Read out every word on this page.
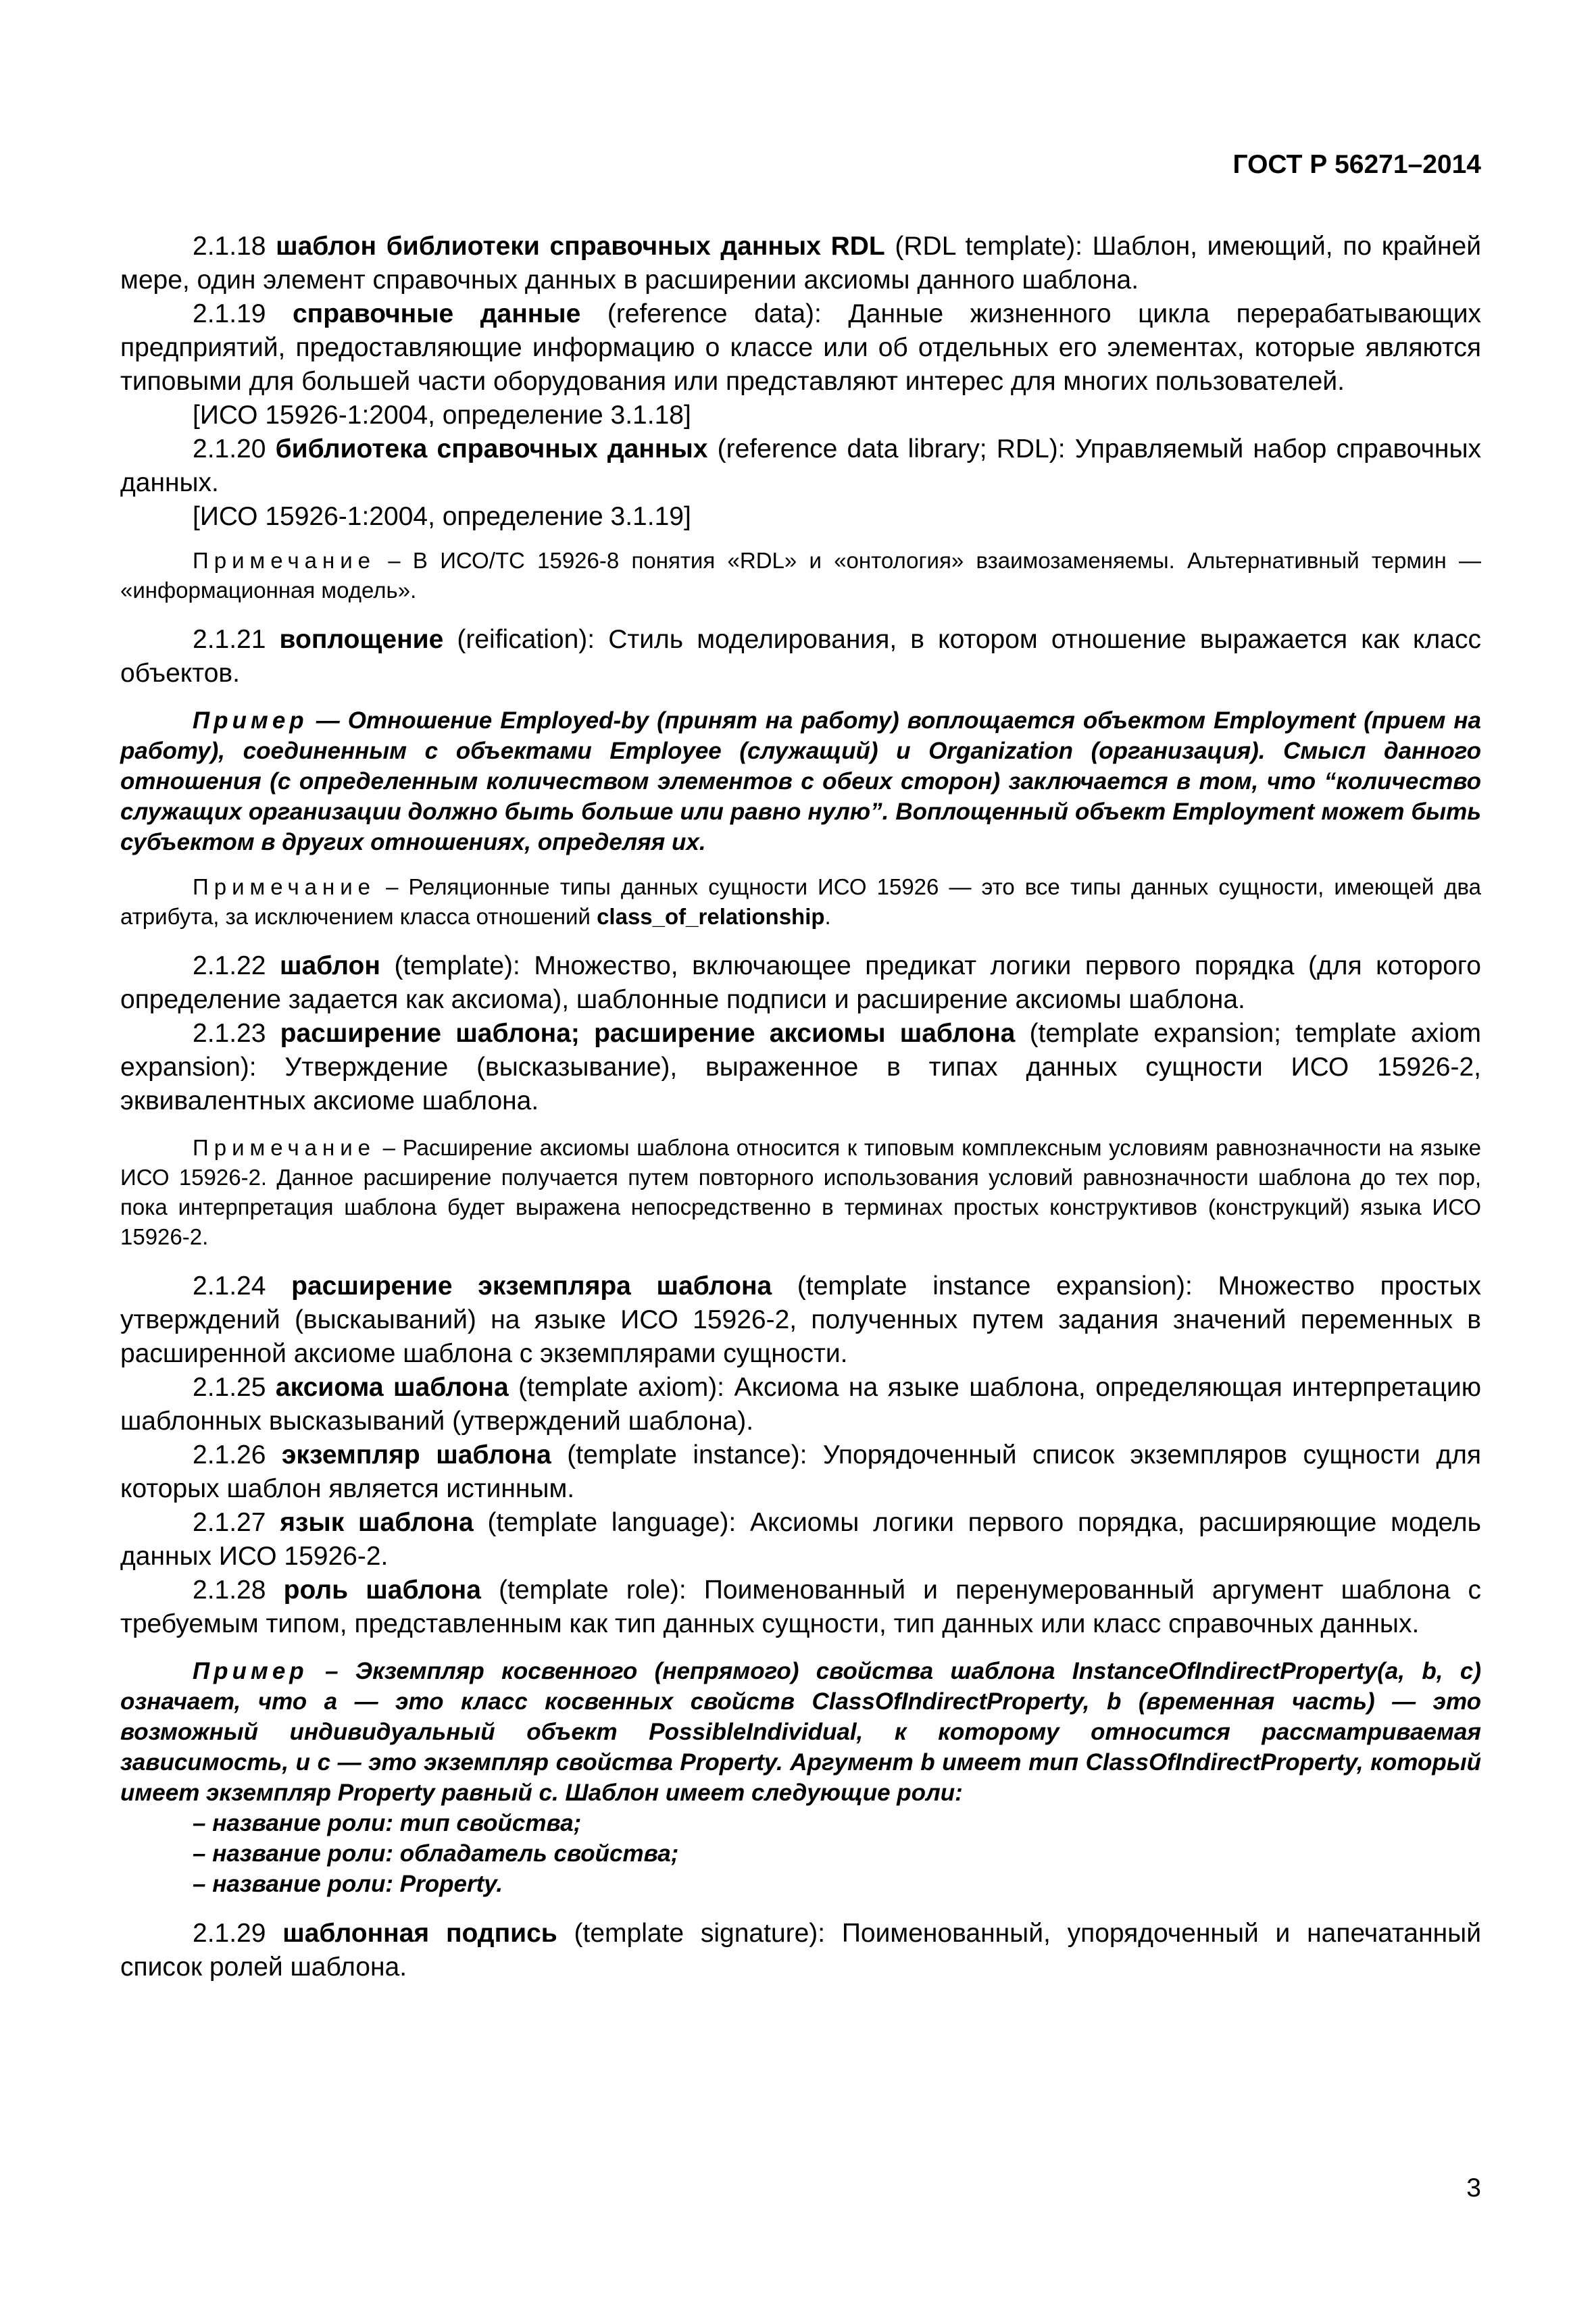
ГОСТ Р 56271–2014

2.1.18 шаблон библиотеки справочных данных RDL (RDL template): Шаблон, имеющий, по крайней мере, один элемент справочных данных в расширении аксиомы данного шаблона.

2.1.19 справочные данные (reference data): Данные жизненного цикла перерабатывающих предприятий, предоставляющие информацию о классе или об отдельных его элементах, которые являются типовыми для большей части оборудования или представляют интерес для многих пользователей.

[ИСО 15926-1:2004, определение 3.1.18]

2.1.20 библиотека справочных данных (reference data library; RDL): Управляемый набор справочных данных.

[ИСО 15926-1:2004, определение 3.1.19]

Примечание – В ИСО/ТС 15926-8 понятия «RDL» и «онтология» взаимозаменяемы. Альтернативный термин — «информационная модель».

2.1.21 воплощение (reification): Стиль моделирования, в котором отношение выражается как класс объектов.

Пример — Отношение Employed-by (принят на работу) воплощается объектом Employment (прием на работу), соединенным с объектами Employee (служащий) и Organization (организация). Смысл данного отношения (с определенным количеством элементов с обеих сторон) заключается в том, что “количество служащих организации должно быть больше или равно нулю”. Воплощенный объект Employment может быть субъектом в других отношениях, определяя их.

Примечание – Реляционные типы данных сущности ИСО 15926 — это все типы данных сущности, имеющей два атрибута, за исключением класса отношений class_of_relationship.

2.1.22 шаблон (template): Множество, включающее предикат логики первого порядка (для которого определение задается как аксиома), шаблонные подписи и расширение аксиомы шаблона.

2.1.23 расширение шаблона; расширение аксиомы шаблона (template expansion; template axiom expansion): Утверждение (высказывание), выраженное в типах данных сущности ИСО 15926-2, эквивалентных аксиоме шаблона.

Примечание – Расширение аксиомы шаблона относится к типовым комплексным условиям равнозначности на языке ИСО 15926-2. Данное расширение получается путем повторного использования условий равнозначности шаблона до тех пор, пока интерпретация шаблона будет выражена непосредственно в терминах простых конструктивов (конструкций) языка ИСО 15926-2.

2.1.24 расширение экземпляра шаблона (template instance expansion): Множество простых утверждений (выскаываний) на языке ИСО 15926-2, полученных путем задания значений переменных в расширенной аксиоме шаблона с экземплярами сущности.

2.1.25 аксиома шаблона (template axiom): Аксиома на языке шаблона, определяющая интерпретацию шаблонных высказываний (утверждений шаблона).

2.1.26 экземпляр шаблона (template instance): Упорядоченный список экземпляров сущности для которых шаблон является истинным.

2.1.27 язык шаблона (template language): Аксиомы логики первого порядка, расширяющие модель данных ИСО 15926-2.

2.1.28 роль шаблона (template role): Поименованный и перенумерованный аргумент шаблона с требуемым типом, представленным как тип данных сущности, тип данных или класс справочных данных.

Пример – Экземпляр косвенного (непрямого) свойства шаблона InstanceOfIndirectProperty(a, b, c) означает, что a — это класс косвенных свойств ClassOfIndirectProperty, b (временная часть) — это возможный индивидуальный объект PossibleIndividual, к которому относится рассматриваемая зависимость, и c — это экземпляр свойства Property. Аргумент b имеет тип ClassOfIndirectProperty, который имеет экземпляр Property равный c. Шаблон имеет следующие роли:

– название роли: тип свойства;

– название роли: обладатель свойства;

– название роли: Property.

2.1.29 шаблонная подпись (template signature): Поименованный, упорядоченный и напечатанный список ролей шаблона.

3
